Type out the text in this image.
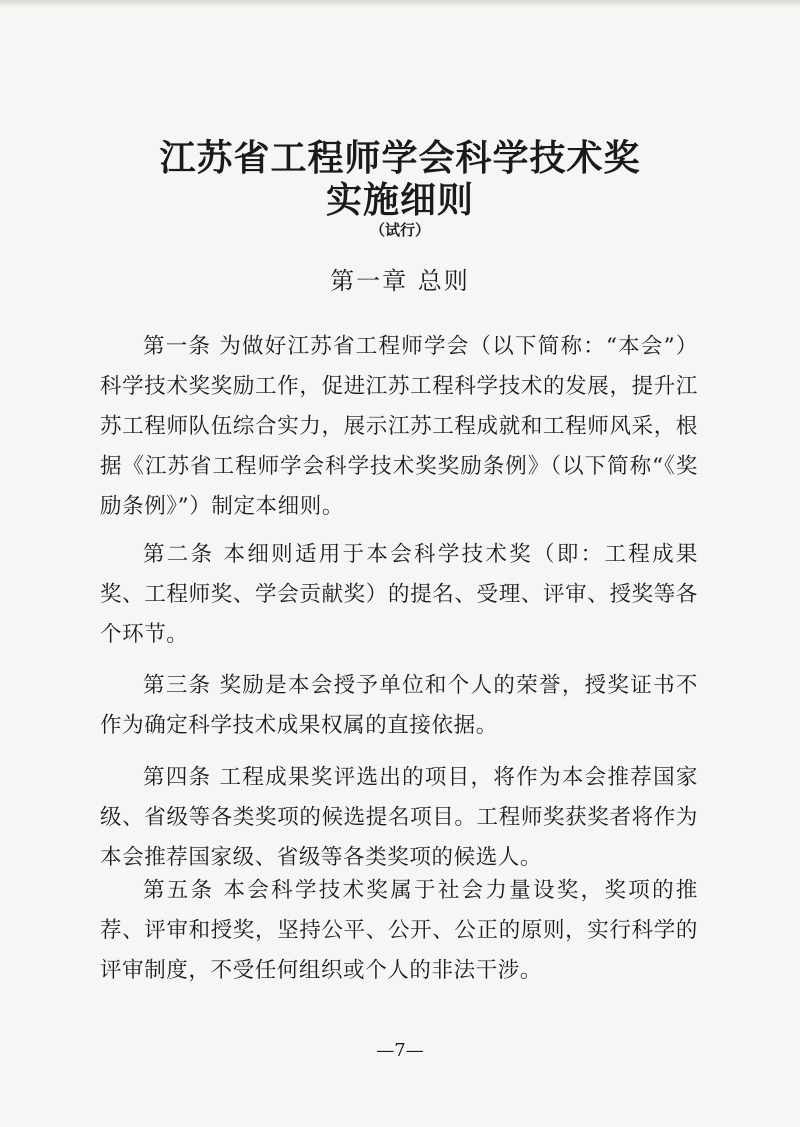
江苏省工程师学会科学技术奖
实施细则
（试行）
第一章 总则

第一条 为做好江苏省工程师学会（以下简称：“本会”）科学技术奖奖励工作，促进江苏工程科学技术的发展，提升江苏工程师队伍综合实力，展示江苏工程成就和工程师风采，根据《江苏省工程师学会科学技术奖奖励条例》（以下简称“《奖励条例》”）制定本细则。

第二条 本细则适用于本会科学技术奖（即：工程成果奖、工程师奖、学会贡献奖）的提名、受理、评审、授奖等各个环节。

第三条 奖励是本会授予单位和个人的荣誉，授奖证书不作为确定科学技术成果权属的直接依据。

第四条 工程成果奖评选出的项目，将作为本会推荐国家级、省级等各类奖项的候选提名项目。工程师奖获奖者将作为本会推荐国家级、省级等各类奖项的候选人。

第五条 本会科学技术奖属于社会力量设奖，奖项的推荐、评审和授奖，坚持公平、公开、公正的原则，实行科学的评审制度，不受任何组织或个人的非法干涉。

—7—
